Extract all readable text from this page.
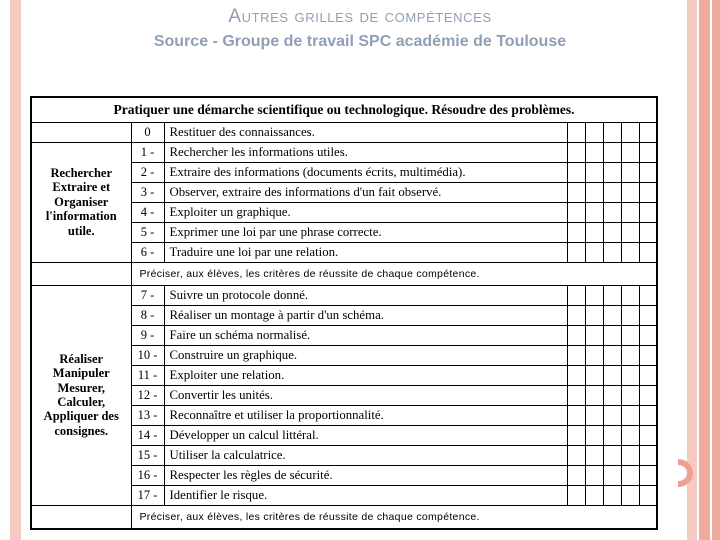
Autres grilles de compétences
Source - Groupe de travail SPC académie de Toulouse
Pratiquer une démarche scientifique ou technologique. Résoudre des problèmes.							
	0	Restituer des connaissances.					

Rechercher
Extraire et
Organiser
l'information
utile.	1 -	Rechercher les informations utiles.					
	2 -	Extraire des informations (documents écrits, multimédia).					
	3 -	Observer, extraire des informations d'un fait observé.					
	4 -	Exploiter un graphique.					
	5 -	Exprimer une loi par une phrase correcte.					
	6 -	Traduire une loi par une relation.					
	Préciser, aux élèves, les critères de réussite de chaque compétence.						

Réaliser
Manipuler
Mesurer,
Calculer,
Appliquer des
consignes.
	7 -	Suivre un protocole donné.					
	8 -	Réaliser un montage à partir d'un schéma.					
	9 -	Faire un schéma normalisé.					
	10 -	Construire un graphique.					
	11 -	Exploiter une relation.					
	12 -	Convertir les unités.					
	13 -	Reconnaître et utiliser la proportionnalité.					
	14 -	Développer un calcul littéral.					
	15 -	Utiliser la calculatrice.					
	16 -	Respecter les règles de sécurité.					
	17 -	Identifier le risque.					
	Préciser, aux élèves, les critères de réussite de chaque compétence.						
